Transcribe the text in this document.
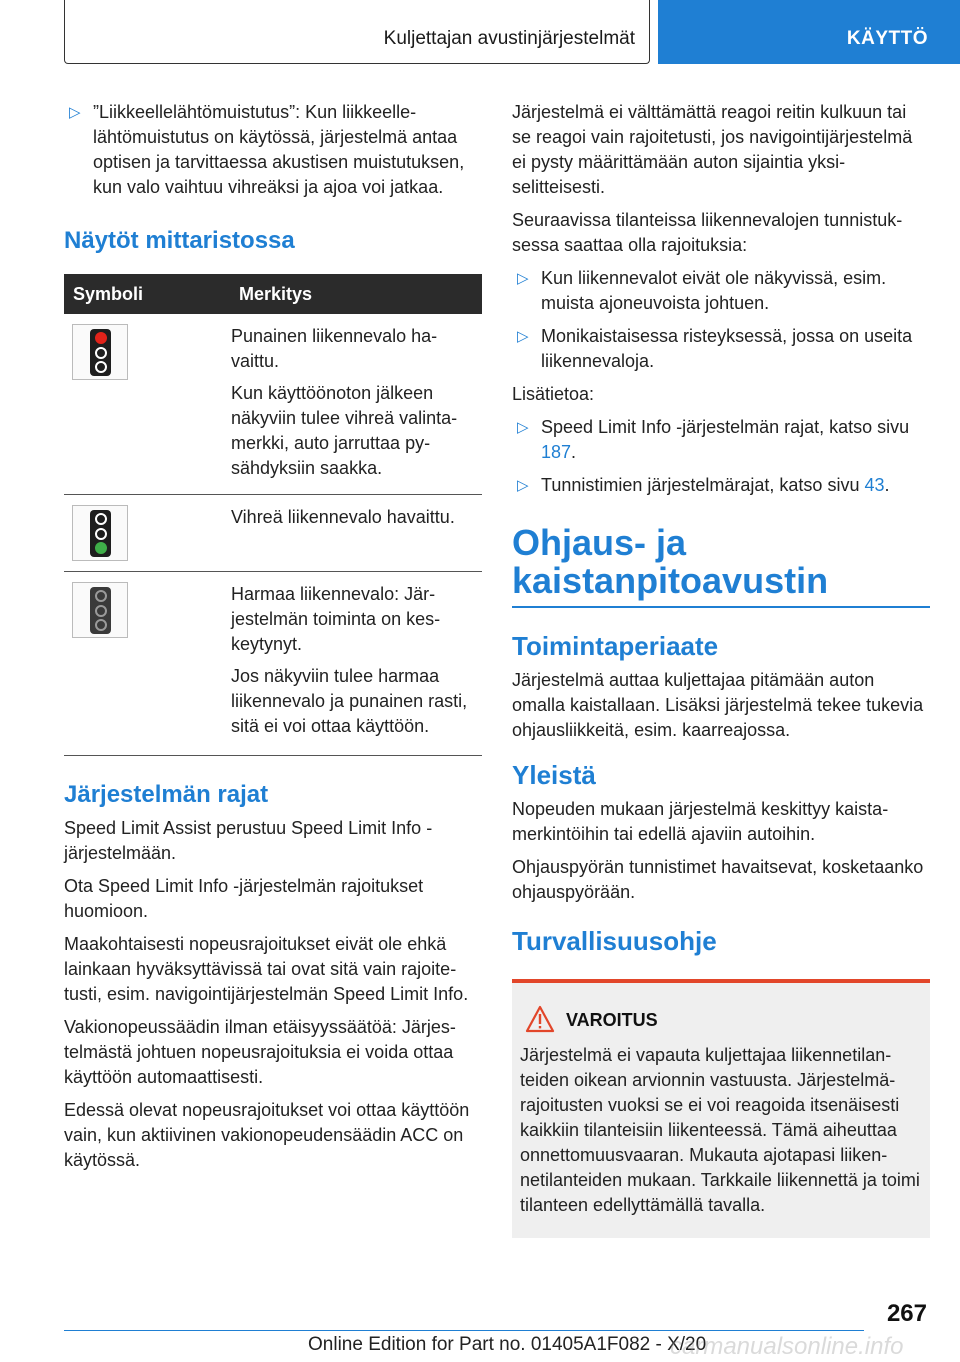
Kuljettajan avustinjärjestelmät	KÄYTTÖ
▷ ”Liikkeellelähtömuistutus”: Kun liikkeellelähtömuistutus on käytössä, järjestelmä antaa optisen ja tarvittaessa akustisen muistutuksen, kun valo vaihtuu vihreäksi ja ajoa voi jatkaa.
Näytöt mittaristossa
Symboli	Merkitys

	Punainen liikennevalo havaittu.

Kun käyttöönoton jälkeen näkyviin tulee vihreä valintamerkki, auto jarruttaa pysähdyksiin saakka.

	Vihreä liikennevalo havaittu.

	Harmaa liikennevalo: Järjestelmän toiminta on keskeytynyt.

Jos näkyviin tulee harmaa liikennevalo ja punainen rasti, sitä ei voi ottaa käyttöön.

Järjestelmän rajat

Speed Limit Assist perustuu Speed Limit Info -järjestelmään.

Ota Speed Limit Info -järjestelmän rajoitukset huomioon.

Maakohtaisesti nopeusrajoitukset eivät ole ehkä lainkaan hyväksyttävissä tai ovat sitä vain rajoitetusti, esim. navigointijärjestelmän Speed Limit Info.

Vakionopeussäädin ilman etäisyyssäätöä: Järjestelmästä johtuen nopeusrajoituksia ei voida ottaa käyttöön automaattisesti.

Edessä olevat nopeusrajoitukset voi ottaa käyttöön vain, kun aktiivinen vakionopeudensäädin ACC on käytössä.

Järjestelmä ei välttämättä reagoi reitin kulkuun tai se reagoi vain rajoitetusti, jos navigointijärjestelmä ei pysty määrittämään auton sijaintia yksiselitteisesti.

Seuraavissa tilanteissa liikennevalojen tunnistuksessa saattaa olla rajoituksia:

▷ Kun liikennevalot eivät ole näkyvissä, esim. muista ajoneuvoista johtuen.
▷ Monikaistaisessa risteyksessä, jossa on useita liikennevaloja.

Lisätietoa:

▷ Speed Limit Info -järjestelmän rajat, katso sivu 187.
▷ Tunnistimien järjestelmärajat, katso sivu 43.
Ohjaus- ja
kaistanpitoavustin
Toimintaperiaate

Järjestelmä auttaa kuljettajaa pitämään auton omalla kaistallaan. Lisäksi järjestelmä tekee tukevia ohjausliikkeitä, esim. kaarreajossa.

Yleistä

Nopeuden mukaan järjestelmä keskittyy kaistamerkintöihin tai edellä ajaviin autoihin.

Ohjauspyörän tunnistimet havaitsevat, kosketaanko ohjauspyörään.

Turvallisuusohje
VAROITUS

Järjestelmä ei vapauta kuljettajaa liikennetilanteiden oikean arvionnin vastuusta. Järjestelmärajoitusten vuoksi se ei voi reagoida itsenäisesti kaikkiin tilanteisiin liikenteessä. Tämä aiheuttaa onnettomuusvaaran. Mukauta ajotapasi liikennetilanteiden mukaan. Tarkkaile liikennettä ja toimi tilanteen edellyttämällä tavalla.

267
Online Edition for Part no. 01405A1F082 - X/20
carmanualsonline.info
